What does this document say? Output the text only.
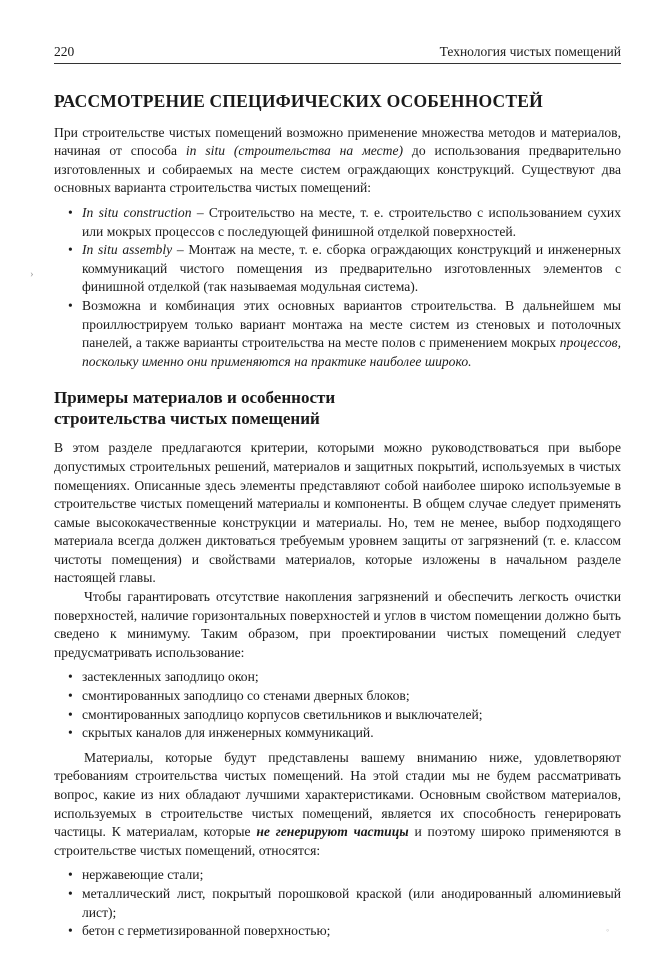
220	Технология чистых помещений
›
РАССМОТРЕНИЕ СПЕЦИФИЧЕСКИХ ОСОБЕННОСТЕЙ

При строительстве чистых помещений возможно применение множества методов и материалов, начиная от способа in situ (строительства на месте) до использования предварительно изготовленных и собираемых на месте систем ограждающих конструкций. Существуют два основных варианта строительства чистых помещений:

• In situ construction – Строительство на месте, т. е. строительство с использованием сухих или мокрых процессов с последующей финишной отделкой поверхностей.
• In situ assembly – Монтаж на месте, т. е. сборка ограждающих конструкций и инженерных коммуникаций чистого помещения из предварительно изготовленных элементов с финишной отделкой (так называемая модульная система).
• Возможна и комбинация этих основных вариантов строительства. В дальнейшем мы проиллюстрируем только вариант монтажа на месте систем из стеновых и потолочных панелей, а также варианты строительства на месте полов с применением мокрых процессов, поскольку именно они применяются на практике наиболее широко.
Примеры материалов и особенности
строительства чистых помещений

В этом разделе предлагаются критерии, которыми можно руководствоваться при выборе допустимых строительных решений, материалов и защитных покрытий, используемых в чистых помещениях. Описанные здесь элементы представляют собой наиболее широко используемые в строительстве чистых помещений материалы и компоненты. В общем случае следует применять самые высококачественные конструкции и материалы. Но, тем не менее, выбор подходящего материала всегда должен диктоваться требуемым уровнем защиты от загрязнений (т. е. классом чистоты помещения) и свойствами материалов, которые изложены в начальном разделе настоящей главы.

Чтобы гарантировать отсутствие накопления загрязнений и обеспечить легкость очистки поверхностей, наличие горизонтальных поверхностей и углов в чистом помещении должно быть сведено к минимуму. Таким образом, при проектировании чистых помещений следует предусматривать использование:

• застекленных заподлицо окон;
• смонтированных заподлицо со стенами дверных блоков;
• смонтированных заподлицо корпусов светильников и выключателей;
• скрытых каналов для инженерных коммуникаций.

Материалы, которые будут представлены вашему вниманию ниже, удовлетворяют требованиям строительства чистых помещений. На этой стадии мы не будем рассматривать вопрос, какие из них обладают лучшими характеристиками. Основным свойством материалов, используемых в строительстве чистых помещений, является их способность генерировать частицы. К материалам, которые не генерируют частицы и поэтому широко применяются в строительстве чистых помещений, относятся:

• нержавеющие стали;
• металлический лист, покрытый порошковой краской (или анодированный алюминиевый лист);
• бетон с герметизированной поверхностью;	◦
